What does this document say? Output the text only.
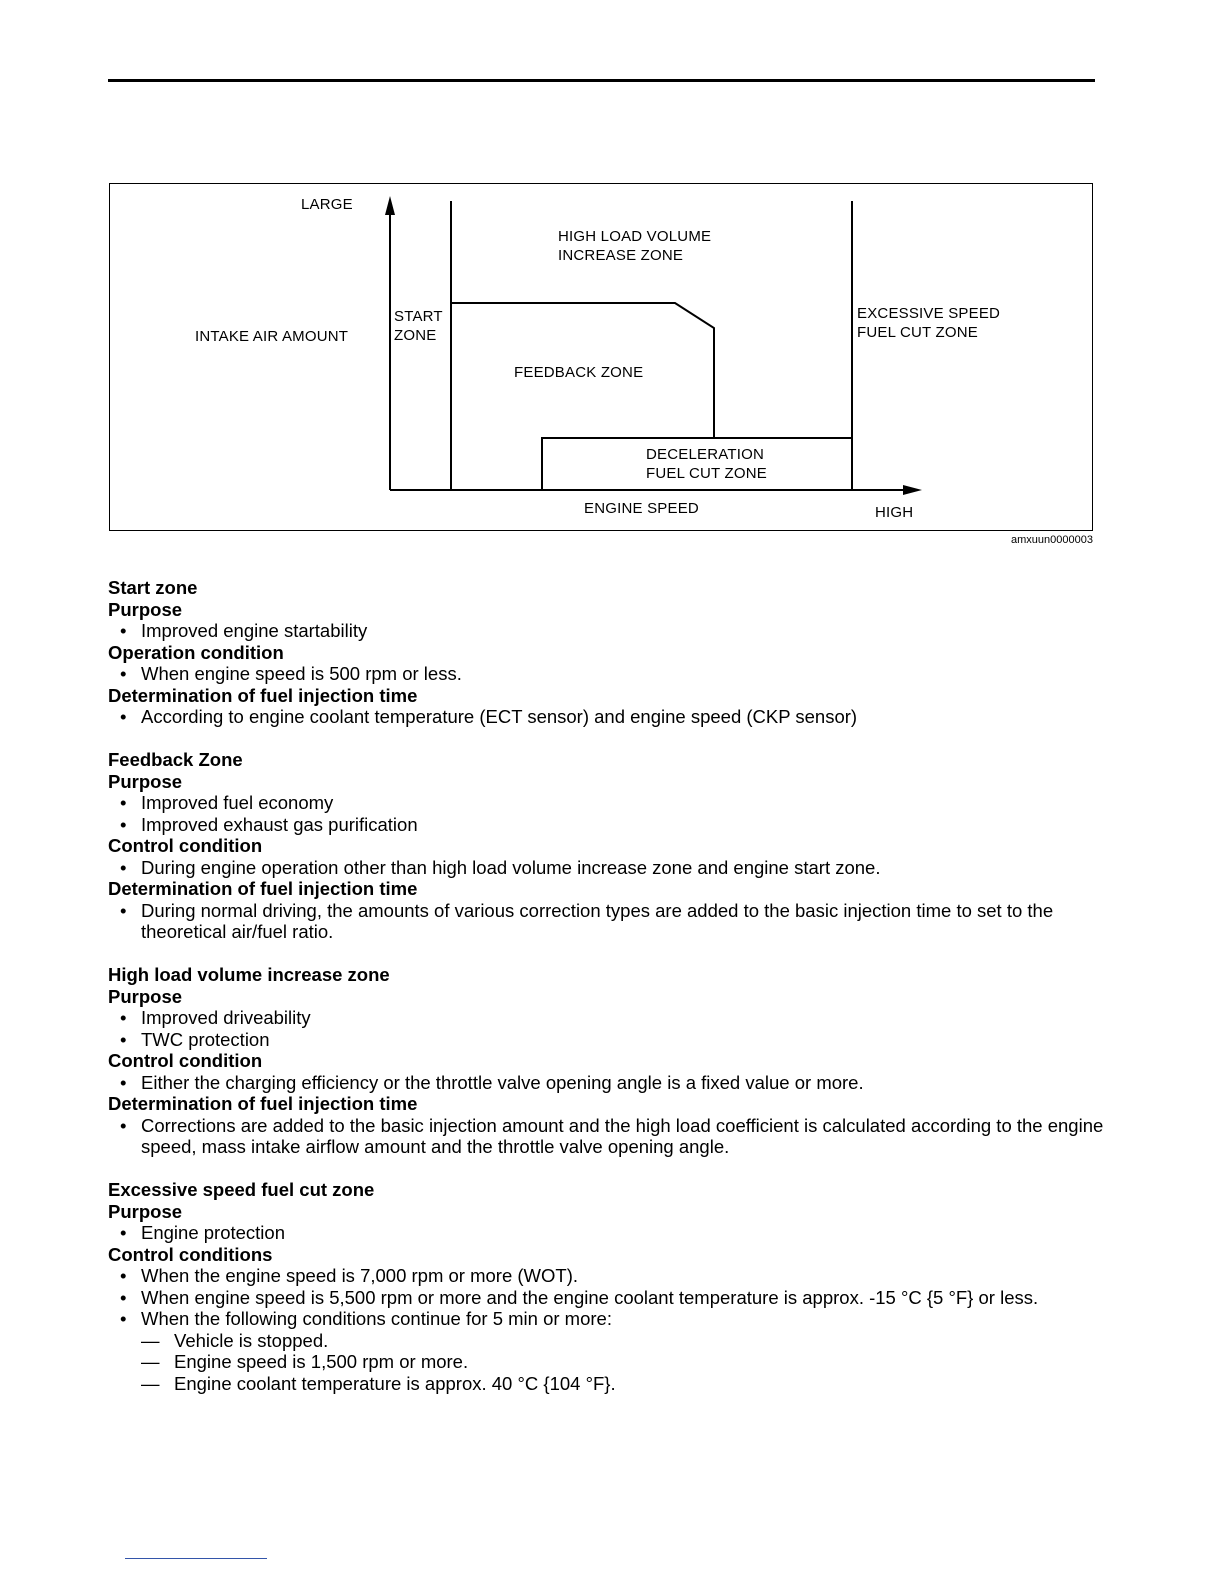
LARGE
INTAKE AIR AMOUNT
HIGH LOAD VOLUME
INCREASE ZONE
START
ZONE
EXCESSIVE SPEED
FUEL CUT ZONE
FEEDBACK ZONE
DECELERATION
FUEL CUT ZONE
ENGINE SPEED	HIGH
amxuun0000003
Start zone
Purpose
• Improved engine startability
Operation condition
• When engine speed is 500 rpm or less.
Determination of fuel injection time
• According to engine coolant temperature (ECT sensor) and engine speed (CKP sensor)
Feedback Zone
Purpose
• Improved fuel economy
• Improved exhaust gas purification
Control condition
• During engine operation other than high load volume increase zone and engine start zone.
Determination of fuel injection time
• During normal driving, the amounts of various correction types are added to the basic injection time to set to the theoretical air/fuel ratio.
High load volume increase zone
Purpose
• Improved driveability
• TWC protection
Control condition
• Either the charging efficiency or the throttle valve opening angle is a fixed value or more.
Determination of fuel injection time
• Corrections are added to the basic injection amount and the high load coefficient is calculated according to the engine speed, mass intake airflow amount and the throttle valve opening angle.
Excessive speed fuel cut zone
Purpose
• Engine protection
Control conditions
• When the engine speed is 7,000 rpm or more (WOT).
• When engine speed is 5,500 rpm or more and the engine coolant temperature is approx. -15 °C {5 °F} or less.
• When the following conditions continue for 5 min or more:
— Vehicle is stopped.
— Engine speed is 1,500 rpm or more.
— Engine coolant temperature is approx. 40 °C {104 °F}.
